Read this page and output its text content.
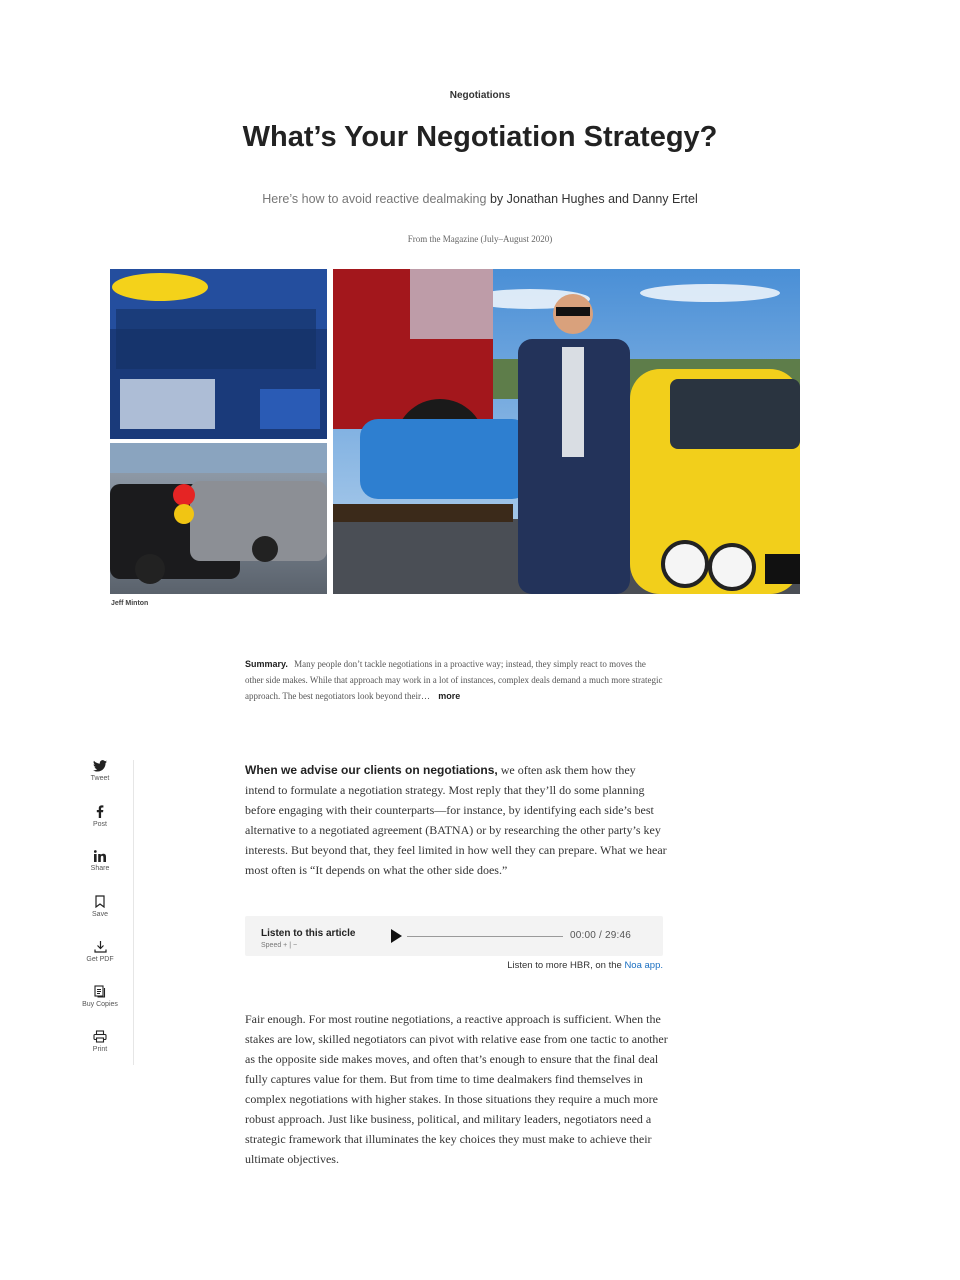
Negotiations
What’s Your Negotiation Strategy?
Here’s how to avoid reactive dealmaking by Jonathan Hughes and Danny Ertel
From the Magazine (July–August 2020)
Jeff Minton
Summary. Many people don’t tackle negotiations in a proactive way; instead, they simply react to moves the other side makes. While that approach may work in a lot of instances, complex deals demand a much more strategic approach. The best negotiators look beyond their… more
Tweet
Post
Share
Save
Get PDF
Buy Copies
Print

When we advise our clients on negotiations, we often ask them how they intend to formulate a negotiation strategy. Most reply that they’ll do some planning before engaging with their counterparts—for instance, by identifying each side’s best alternative to a negotiated agreement (BATNA) or by researching the other party’s key interests. But beyond that, they feel limited in how well they can prepare. What we hear most often is “It depends on what the other side does.”

Listen to this article
Speed + | −
00:00 / 29:46
Listen to more HBR, on the Noa app.

Fair enough. For most routine negotiations, a reactive approach is sufficient. When the stakes are low, skilled negotiators can pivot with relative ease from one tactic to another as the opposite side makes moves, and often that’s enough to ensure that the final deal fully captures value for them. But from time to time dealmakers find themselves in complex negotiations with higher stakes. In those situations they require a much more robust approach. Just like business, political, and military leaders, negotiators need a strategic framework that illuminates the key choices they must make to achieve their ultimate objectives.
